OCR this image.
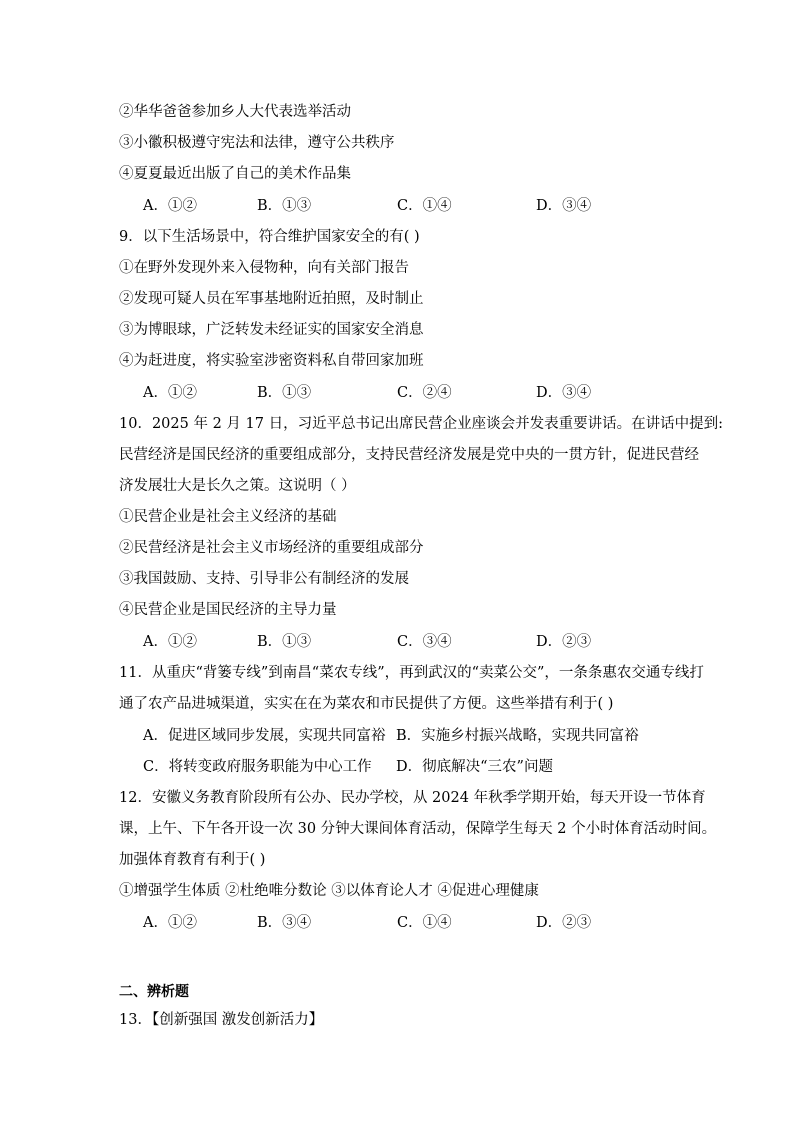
②华华爸爸参加乡人大代表选举活动
③小徽积极遵守宪法和法律，遵守公共秩序
④夏夏最近出版了自己的美术作品集
A．①②	B．①③	C．①④	D．③④
9．以下生活场景中，符合维护国家安全的有( )
①在野外发现外来入侵物种，向有关部门报告
②发现可疑人员在军事基地附近拍照，及时制止
③为博眼球，广泛转发未经证实的国家安全消息
④为赶进度，将实验室涉密资料私自带回家加班
A．①②	B．①③	C．②④	D．③④
10．2025 年 2 月 17 日，习近平总书记出席民营企业座谈会并发表重要讲话。在讲话中提到:
民营经济是国民经济的重要组成部分，支持民营经济发展是党中央的一贯方针，促进民营经
济发展壮大是长久之策。这说明（ ）
①民营企业是社会主义经济的基础
②民营经济是社会主义市场经济的重要组成部分
③我国鼓励、支持、引导非公有制经济的发展
④民营企业是国民经济的主导力量
A．①②	B．①③	C．③④	D．②③
11．从重庆“背篓专线”到南昌“菜农专线”，再到武汉的“卖菜公交”，一条条惠农交通专线打
通了农产品进城渠道，实实在在为菜农和市民提供了方便。这些举措有利于( )
A．促进区域同步发展，实现共同富裕 B．实施乡村振兴战略，实现共同富裕
C．将转变政府服务职能为中心工作 D．彻底解决“三农”问题
12．安徽义务教育阶段所有公办、民办学校，从 2024 年秋季学期开始，每天开设一节体育
课，上午、下午各开设一次 30 分钟大课间体育活动，保障学生每天 2 个小时体育活动时间。
加强体育教育有利于( )
①增强学生体质 ②杜绝唯分数论 ③以体育论人才 ④促进心理健康
A．①②	B．③④	C．①④	D．②③
二、辨析题
13．【创新强国 激发创新活力】
